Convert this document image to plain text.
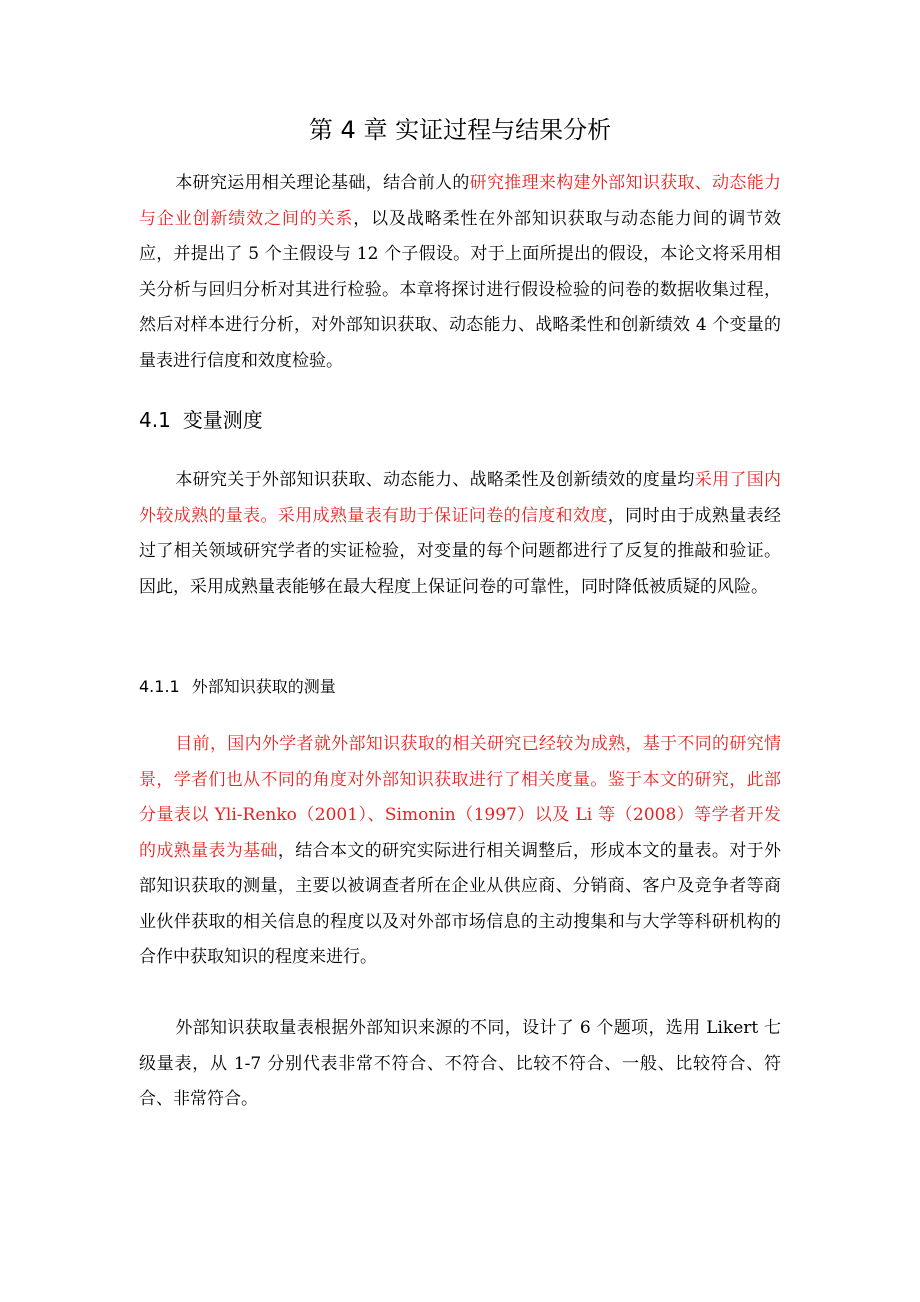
第 4 章 实证过程与结果分析

本研究运用相关理论基础，结合前人的研究推理来构建外部知识获取、动态能力与企业创新绩效之间的关系，以及战略柔性在外部知识获取与动态能力间的调节效应，并提出了 5 个主假设与 12 个子假设。对于上面所提出的假设，本论文将采用相关分析与回归分析对其进行检验。本章将探讨进行假设检验的问卷的数据收集过程，然后对样本进行分析，对外部知识获取、动态能力、战略柔性和创新绩效 4 个变量的量表进行信度和效度检验。

4.1 变量测度

本研究关于外部知识获取、动态能力、战略柔性及创新绩效的度量均采用了国内外较成熟的量表。采用成熟量表有助于保证问卷的信度和效度，同时由于成熟量表经过了相关领域研究学者的实证检验，对变量的每个问题都进行了反复的推敲和验证。因此，采用成熟量表能够在最大程度上保证问卷的可靠性，同时降低被质疑的风险。

4.1.1 外部知识获取的测量

目前，国内外学者就外部知识获取的相关研究已经较为成熟，基于不同的研究情景，学者们也从不同的角度对外部知识获取进行了相关度量。鉴于本文的研究，此部分量表以 Yli-Renko（2001）、Simonin（1997）以及 Li 等（2008）等学者开发的成熟量表为基础，结合本文的研究实际进行相关调整后，形成本文的量表。对于外部知识获取的测量，主要以被调查者所在企业从供应商、分销商、客户及竞争者等商业伙伴获取的相关信息的程度以及对外部市场信息的主动搜集和与大学等科研机构的合作中获取知识的程度来进行。

外部知识获取量表根据外部知识来源的不同，设计了 6 个题项，选用 Likert 七级量表，从 1-7 分别代表非常不符合、不符合、比较不符合、一般、比较符合、符合、非常符合。
